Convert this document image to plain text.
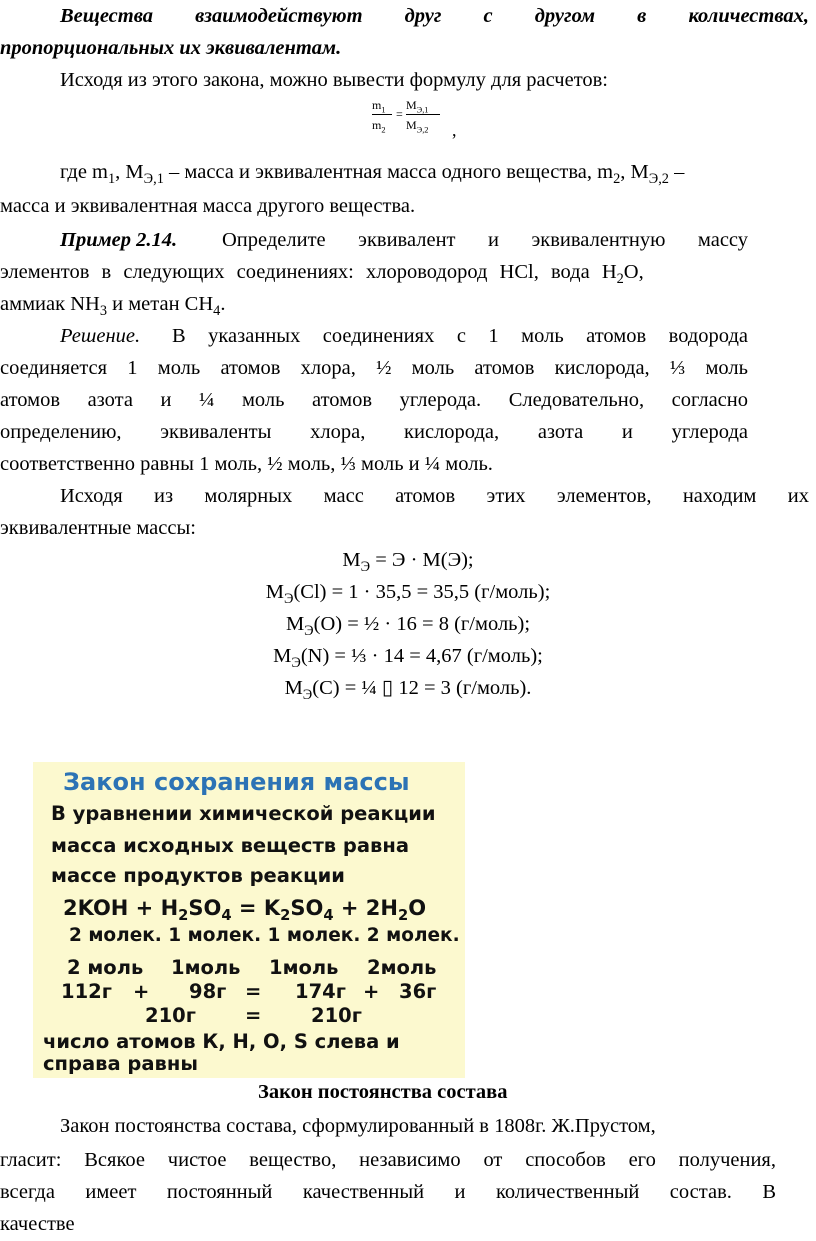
Вещества взаимодействуют друг с другом в количествах,
пропорциональных их эквивалентам.
Исходя из этого закона, можно вывести формулу для расчетов:
$m_1$
$m_2$
=
$M_{Э,1}$
$M_{Э,2}$ ,
где $m_1$, $M_{Э,1}$ – масса и эквивалентная масса одного вещества, $m_2$, $M_{Э,2}$ –
масса и эквивалентная масса другого вещества.
Пример 2.14. Определите эквивалент и эквивалентную массу
элементов в следующих соединениях: хлороводород HCl, вода $H_2O$,
аммиак $NH_3$ и метан $CH_4$.
Решение. В указанных соединениях с 1 моль атомов водорода
соединяется 1 моль атомов хлора, ½ моль атомов кислорода, ⅓ моль
атомов азота и ¼ моль атомов углерода. Следовательно, согласно
определению, эквиваленты хлора, кислорода, азота и углерода
соответственно равны 1 моль, ½ моль, ⅓ моль и ¼ моль.
Исходя из молярных масс атомов этих элементов, находим их
эквивалентные массы:
$M_Э = Э \cdot M(Э)$;
$M_Э(Cl) = 1 \cdot 35,5 = 35,5$ (г/моль);
$M_Э(O)$ = ½ · 16 = 8 (г/моль);
$M_Э(N)$ = ⅓ · 14 = 4,67 (г/моль);
$M_Э(C)$ = ¼ ▯ 12 = 3 (г/моль).
Закон сохранения массы
В уравнении химической реакции
масса исходных веществ равна
массе продуктов реакции
$2KOH + H_2SO_4 = K_2SO_4 + 2H_2O$
2 молек. 1 молек. 1 молек. 2 молек.
2 моль 1моль 1моль 2моль
112г + 98г = 174г + 36г
210г	=	210г
число атомов К, Н, О, S слева и
справа равны
Закон постоянства состава
Закон постоянства состава, сформулированный в 1808г. Ж.Прустом,
гласит: Всякое чистое вещество, независимо от способов его получения,
всегда имеет постоянный качественный и количественный состав. В
качестве
